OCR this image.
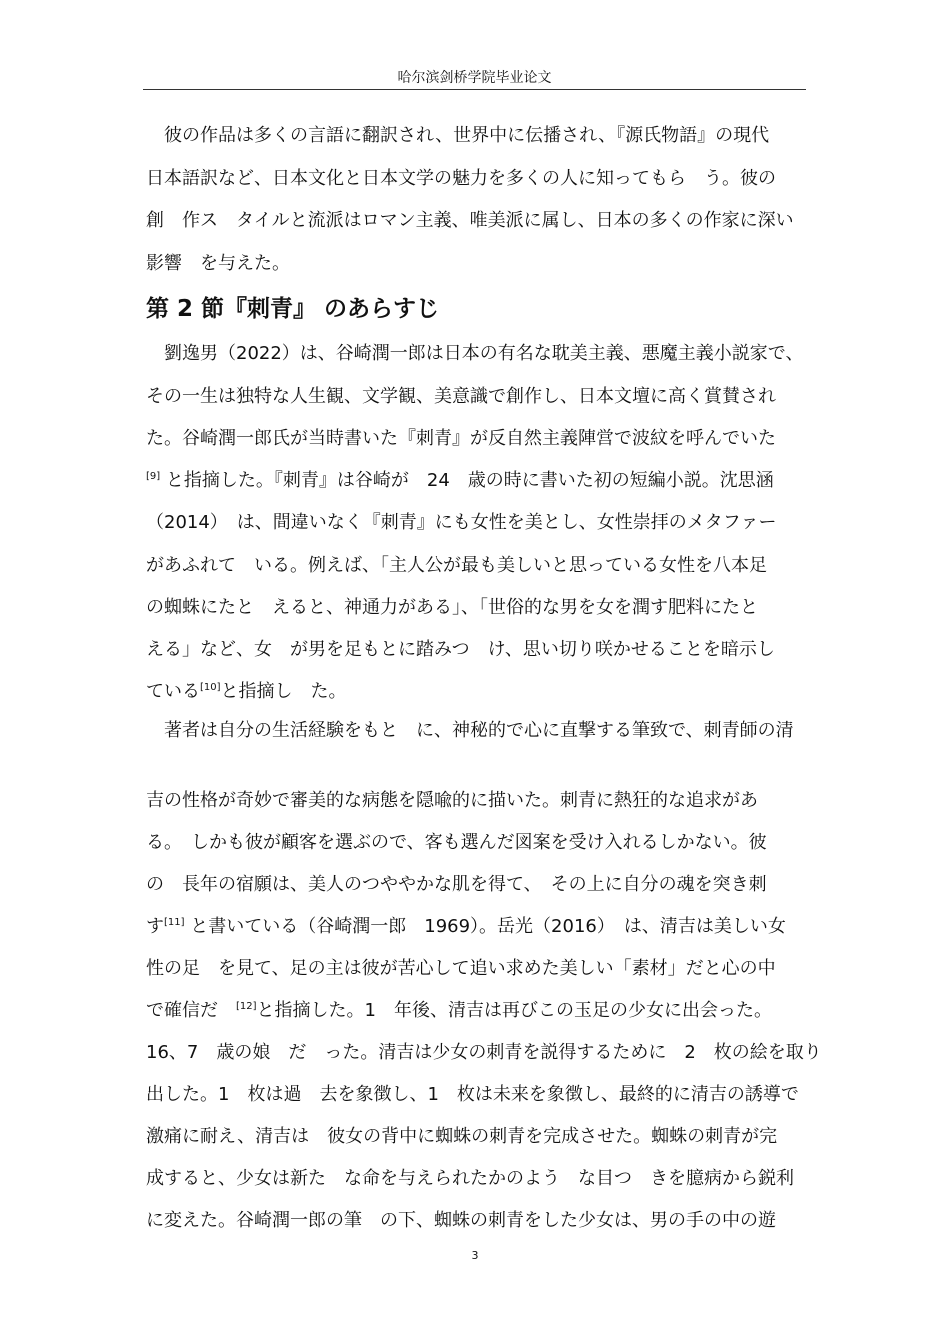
哈尔滨剑桥学院毕业论文
　彼の作品は多くの言語に翻訳され、世界中に伝播され、『源氏物語』の現代
日本語訳など、日本文化と日本文学の魅力を多くの人に知ってもら　う。彼の
創　作ス　タイルと流派はロマン主義、唯美派に属し、日本の多くの作家に深い
影響　を与えた。
第 2 節『刺青』 のあらすじ
　劉逸男（2022）は、谷崎潤一郎は日本の有名な耽美主義、悪魔主義小説家で、
その一生は独特な人生観、文学観、美意識で創作し、日本文壇に高く賞賛され
た。谷崎潤一郎氏が当時書いた『刺青』が反自然主義陣営で波紋を呼んでいた
[9] と指摘した。『刺青』は谷崎が　24　歳の時に書いた初の短編小説。沈思涵
（2014）　は、間違いなく『刺青』にも女性を美とし、女性崇拝のメタファー
があふれて　いる。例えば、「主人公が最も美しいと思っている女性を八本足
の蜘蛛にたと　えると、神通力がある」、「世俗的な男を女を潤す肥料にたと
える」など、女　が男を足もとに踏みつ　け、思い切り咲かせることを暗示し
ている[10]と指摘し　た。
著者は自分の生活経験をもと　に、神秘的で心に直撃する筆致で、刺青師の清
吉の性格が奇妙で審美的な病態を隠喩的に描いた。刺青に熱狂的な追求があ
る。　しかも彼が顧客を選ぶので、客も選んだ図案を受け入れるしかない。彼
の　長年の宿願は、美人のつややかな肌を得て、　その上に自分の魂を突き刺
す[11] と書いている（谷崎潤一郎　1969）。岳光（2016）　は、清吉は美しい女
性の足　を見て、足の主は彼が苦心して追い求めた美しい「素材」だと心の中
で確信だ　[12]と指摘した。1　年後、清吉は再びこの玉足の少女に出会った。
16、7　歳の娘　だ　った。清吉は少女の刺青を説得するために　2　枚の絵を取り
出した。1　枚は過　去を象徴し、1　枚は未来を象徴し、最終的に清吉の誘導で
激痛に耐え、清吉は　彼女の背中に蜘蛛の刺青を完成させた。蜘蛛の刺青が完
成すると、少女は新た　な命を与えられたかのよう　な目つ　きを臆病から鋭利
に変えた。谷崎潤一郎の筆　の下、蜘蛛の刺青をした少女は、男の手の中の遊
3
